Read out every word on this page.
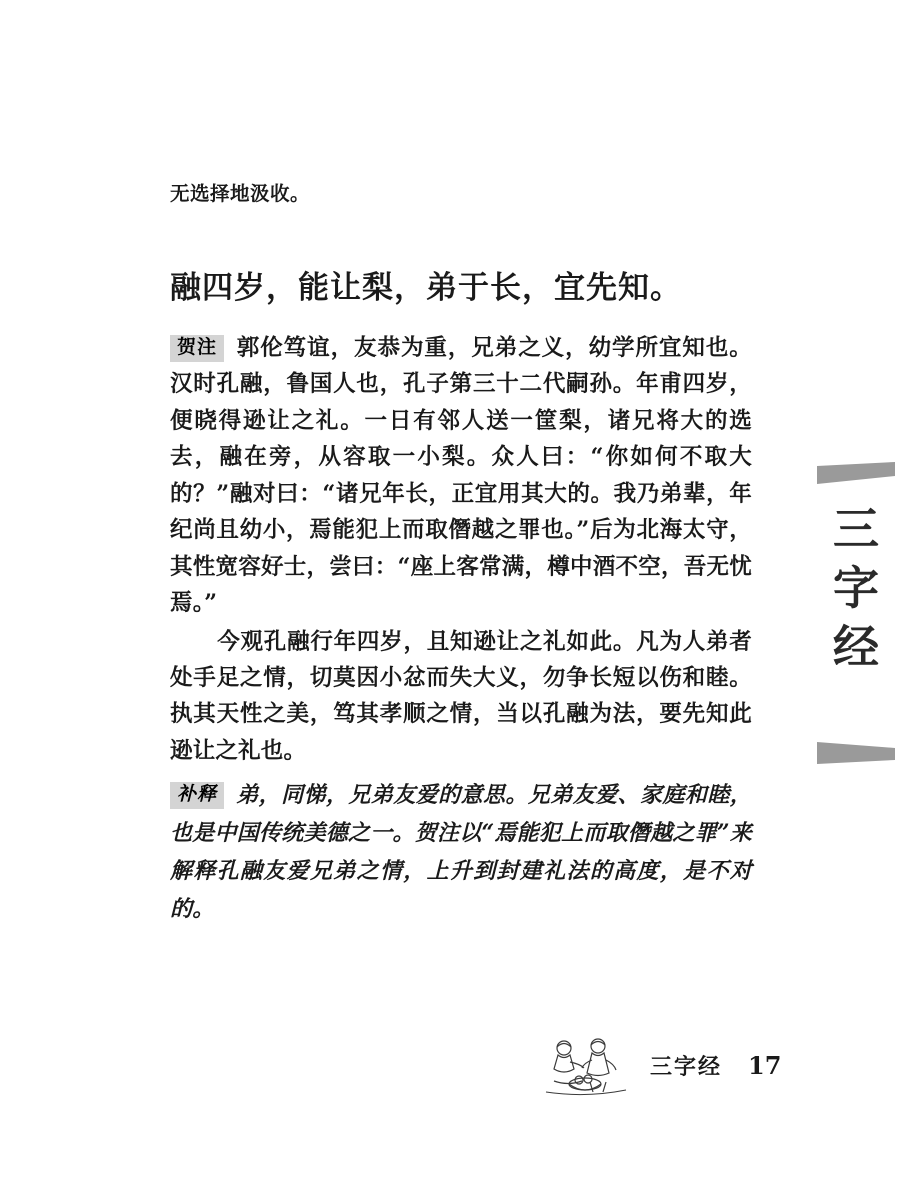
无选择地汲收。
融四岁，能让梨，弟于长，宜先知。

贺注 郭伦笃谊，友恭为重，兄弟之义，幼学所宜知也。汉时孔融，鲁国人也，孔子第三十二代嗣孙。年甫四岁，便晓得逊让之礼。一日有邻人送一筐梨，诸兄将大的选去，融在旁，从容取一小梨。众人曰：“你如何不取大的？”融对曰：“诸兄年长，正宜用其大的。我乃弟辈，年纪尚且幼小，焉能犯上而取僭越之罪也。”后为北海太守，其性宽容好士，尝曰：“座上客常满，樽中酒不空，吾无忧焉。”

今观孔融行年四岁，且知逊让之礼如此。凡为人弟者处手足之情，切莫因小忿而失大义，勿争长短以伤和睦。执其天性之美，笃其孝顺之情，当以孔融为法，要先知此逊让之礼也。

补释 弟，同悌，兄弟友爱的意思。兄弟友爱、家庭和睦，也是中国传统美德之一。贺注以“焉能犯上而取僭越之罪”来解释孔融友爱兄弟之情，上升到封建礼法的高度，是不对的。

三
字
经
三字经 17
